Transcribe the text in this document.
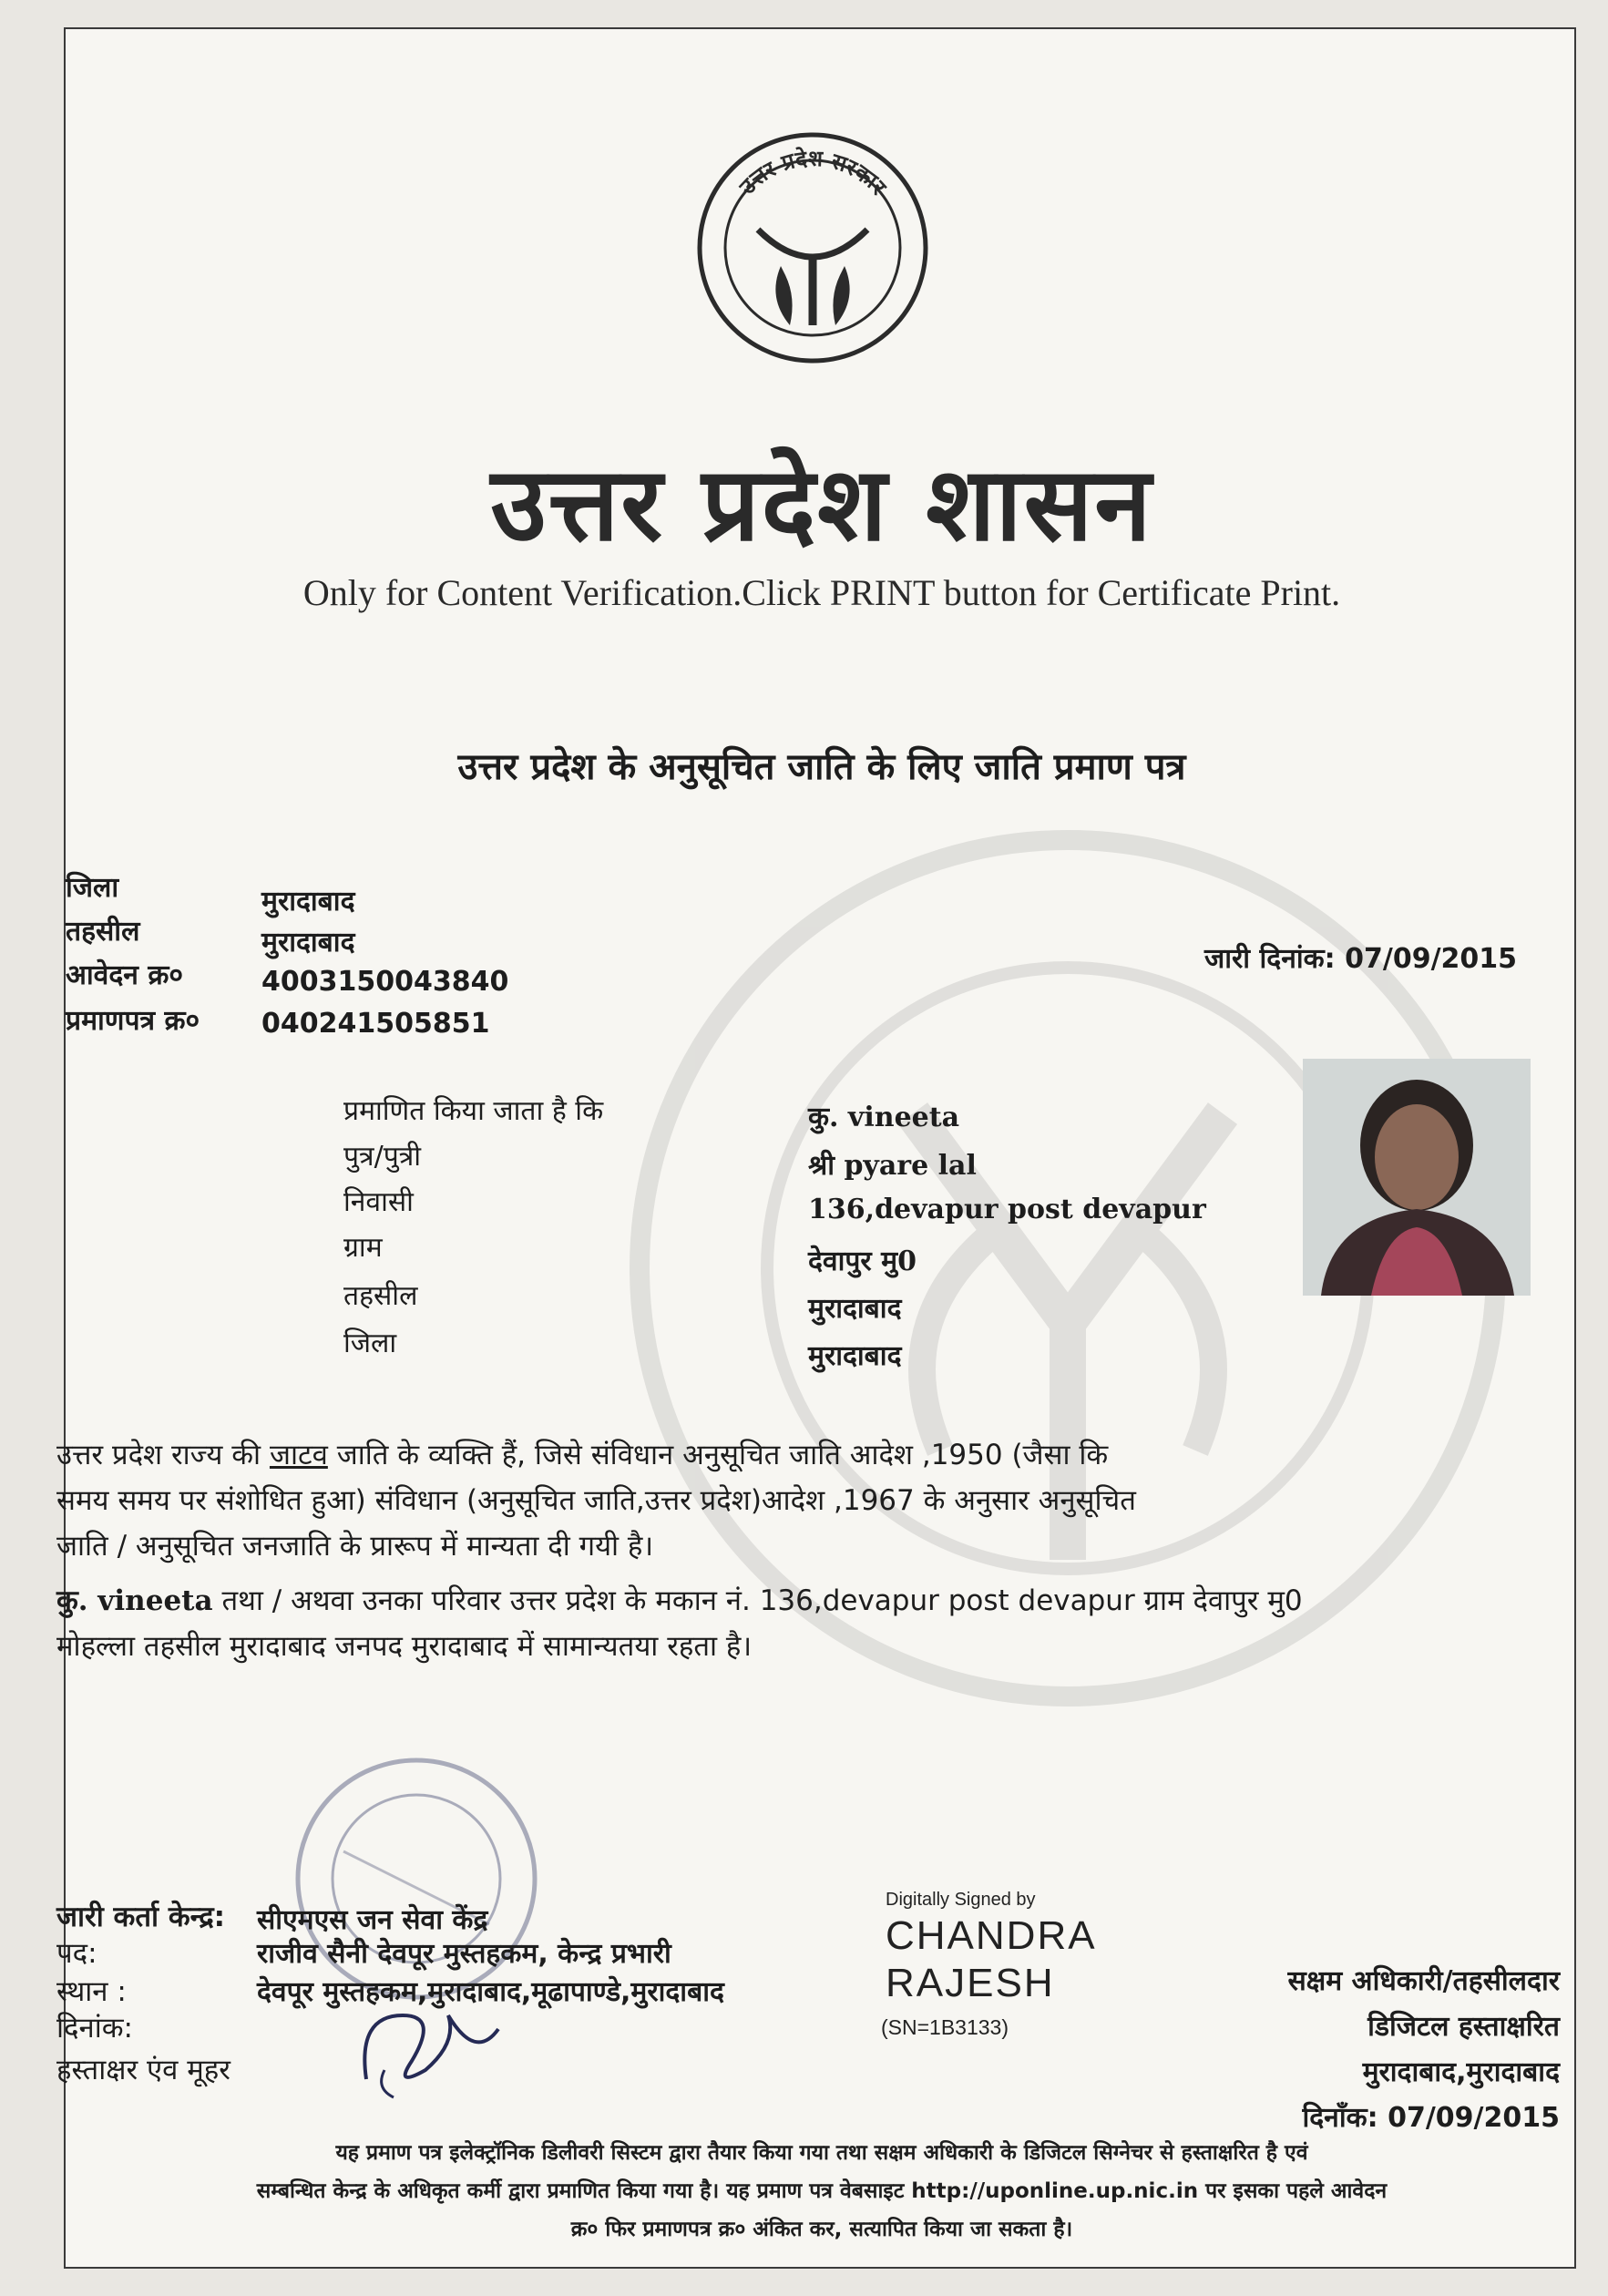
उत्तर प्रदेश सरकार
उत्तर प्रदेश शासन
Only for Content Verification.Click PRINT button for Certificate Print.
उत्तर प्रदेश के अनुसूचित जाति के लिए जाति प्रमाण पत्र
जिला	मुरादाबाद
तहसील	मुरादाबाद
आवेदन क्र०	4003150043840
प्रमाणपत्र क्र० 040241505851
जारी दिनांक: 07/09/2015
प्रमाणित किया जाता है कि	कु. vineeta
पुत्र/पुत्री	श्री pyare lal
निवासी	136,devapur post devapur
ग्राम	देवापुर मु0
तहसील	मुरादाबाद
जिला	मुरादाबाद
उत्तर प्रदेश राज्य की जाटव जाति के व्यक्ति हैं, जिसे संविधान अनुसूचित जाति आदेश ,1950 (जैसा कि
समय समय पर संशोधित हुआ) संविधान (अनुसूचित जाति,उत्तर प्रदेश)आदेश ,1967 के अनुसार अनुसूचित
जाति / अनुसूचित जनजाति के प्रारूप में मान्यता दी गयी है।
कु. vineeta तथा / अथवा उनका परिवार उत्तर प्रदेश के मकान नं. 136,devapur post devapur ग्राम देवापुर मु0
मोहल्ला तहसील मुरादाबाद जनपद मुरादाबाद में सामान्यतया रहता है।
जारी कर्ता केन्द्र: सीएमएस जन सेवा केंद्र
पद:	राजीव सैनी देवपूर मुस्तहकम, केन्द्र प्रभारी
स्थान :	देवपूर मुस्तहकम,मुरादाबाद,मूढापाण्डे,मुरादाबाद
दिनांक:
हस्ताक्षर एंव मूहर
Digitally Signed by
CHANDRA
RAJESH
(SN=1B3133)
सक्षम अधिकारी/तहसीलदार
डिजिटल हस्ताक्षरित
मुरादाबाद,मुरादाबाद
दिनाँक: 07/09/2015
यह प्रमाण पत्र इलेक्ट्रॉनिक डिलीवरी सिस्टम द्वारा तैयार किया गया तथा सक्षम अधिकारी के डिजिटल सिग्नेचर से हस्ताक्षरित है एवं
सम्बन्धित केन्द्र के अधिकृत कर्मी द्वारा प्रमाणित किया गया है। यह प्रमाण पत्र वेबसाइट http://uponline.up.nic.in पर इसका पहले आवेदन
क्र० फिर प्रमाणपत्र क्र० अंकित कर, सत्यापित किया जा सकता है।
